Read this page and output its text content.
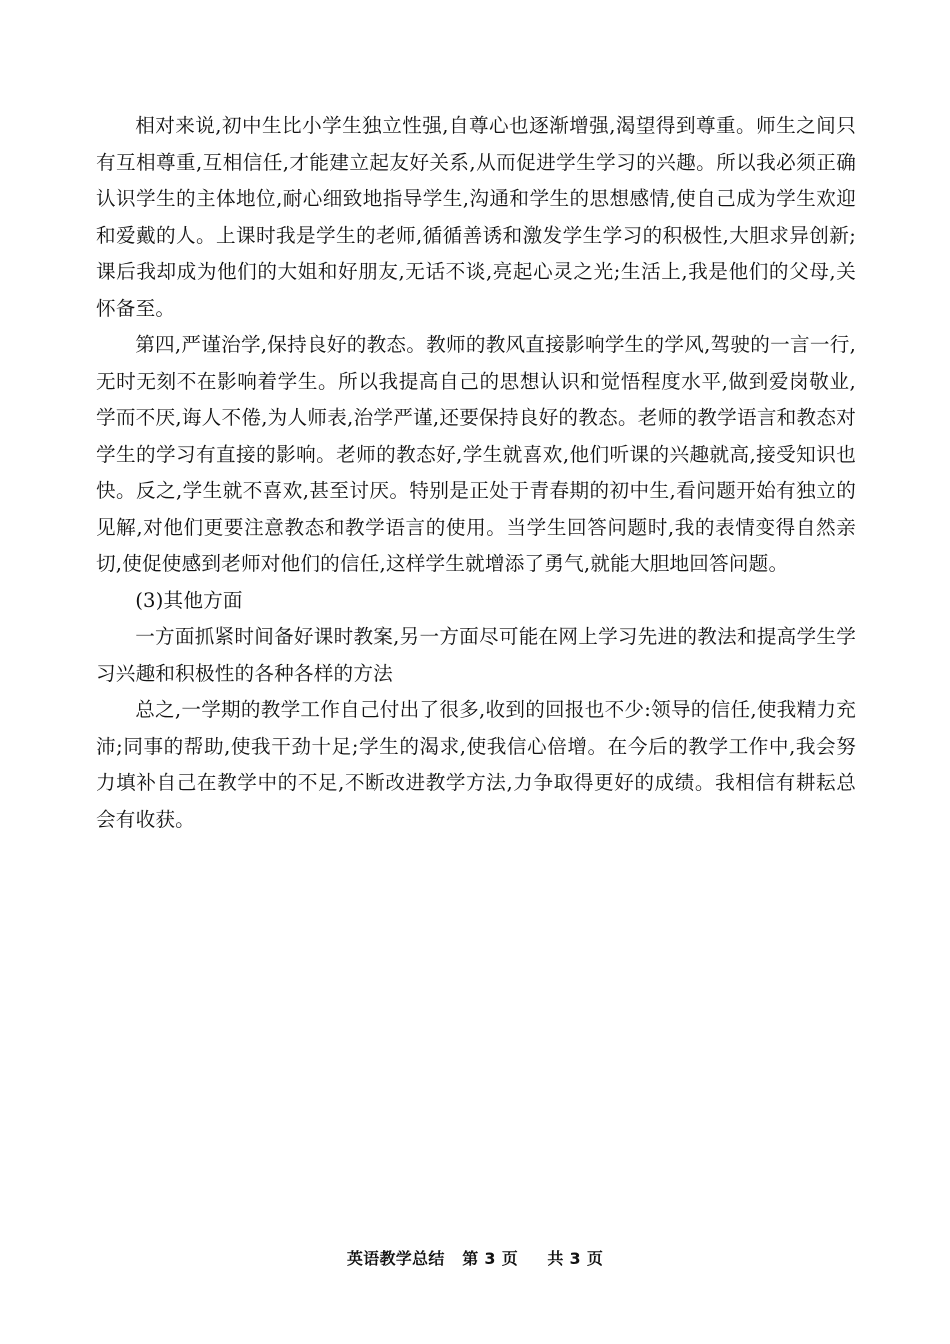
相对来说,初中生比小学生独立性强,自尊心也逐渐增强,渴望得到尊重。师生之间只有互相尊重,互相信任,才能建立起友好关系,从而促进学生学习的兴趣。所以我必须正确认识学生的主体地位,耐心细致地指导学生,沟通和学生的思想感情,使自己成为学生欢迎和爱戴的人。上课时我是学生的老师,循循善诱和激发学生学习的积极性,大胆求异创新;课后我却成为他们的大姐和好朋友,无话不谈,亮起心灵之光;生活上,我是他们的父母,关怀备至。

第四,严谨治学,保持良好的教态。教师的教风直接影响学生的学风,驾驶的一言一行,无时无刻不在影响着学生。所以我提高自己的思想认识和觉悟程度水平,做到爱岗敬业,学而不厌,诲人不倦,为人师表,治学严谨,还要保持良好的教态。老师的教学语言和教态对学生的学习有直接的影响。老师的教态好,学生就喜欢,他们听课的兴趣就高,接受知识也快。反之,学生就不喜欢,甚至讨厌。特别是正处于青春期的初中生,看问题开始有独立的见解,对他们更要注意教态和教学语言的使用。当学生回答问题时,我的表情变得自然亲切,使促使感到老师对他们的信任,这样学生就增添了勇气,就能大胆地回答问题。

(3)其他方面

一方面抓紧时间备好课时教案,另一方面尽可能在网上学习先进的教法和提高学生学习兴趣和积极性的各种各样的方法

总之,一学期的教学工作自己付出了很多,收到的回报也不少:领导的信任,使我精力充沛;同事的帮助,使我干劲十足;学生的渴求,使我信心倍增。在今后的教学工作中,我会努力填补自己在教学中的不足,不断改进教学方法,力争取得更好的成绩。我相信有耕耘总会有收获。

英语教学总结   第 3 页     共 3 页
